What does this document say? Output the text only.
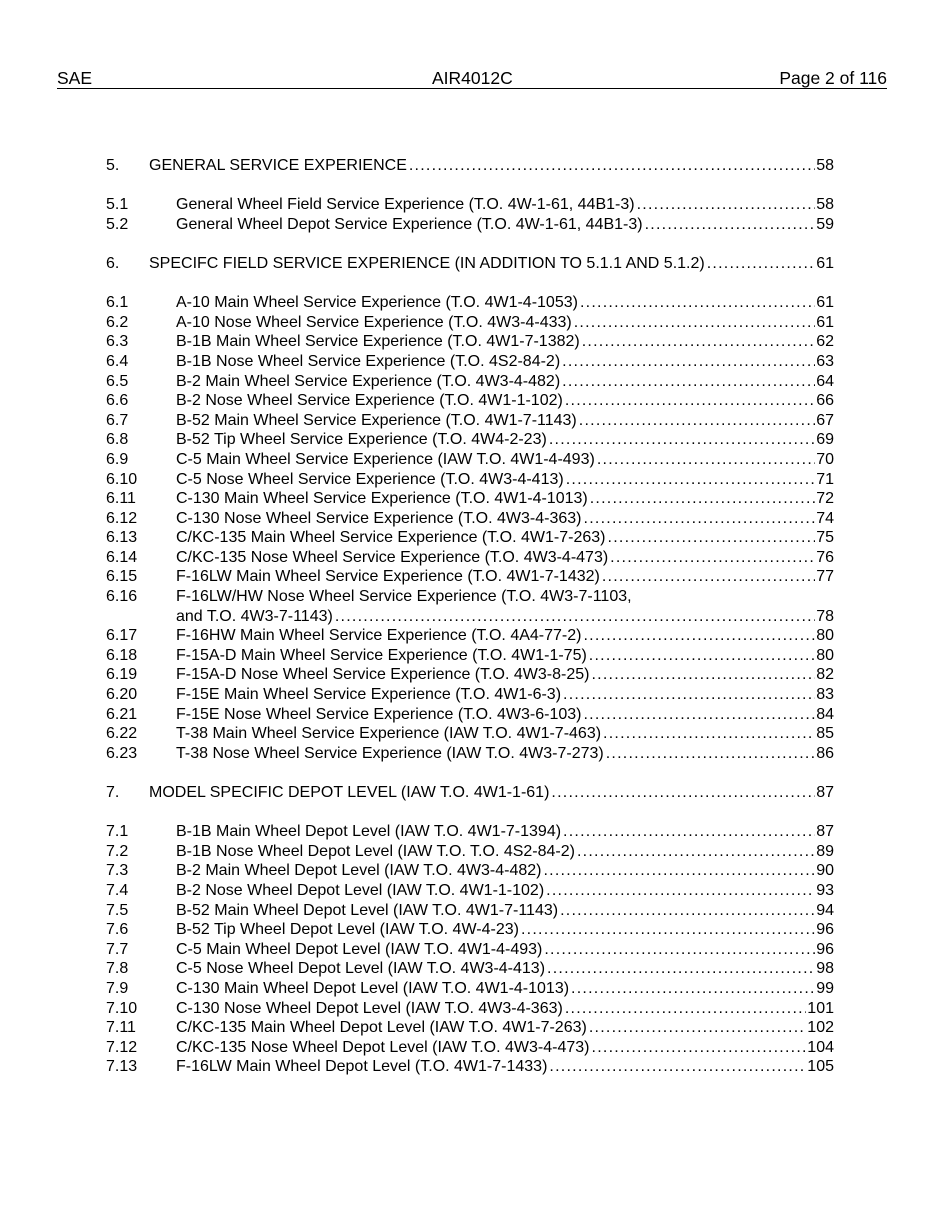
SAE	AIR4012C	Page 2 of 116
5. GENERAL SERVICE EXPERIENCE . . .	58
5.1	General Wheel Field Service Experience (T.O. 4W-1-61, 44B1-3) . . .	58
5.2	General Wheel Depot Service Experience (T.O. 4W-1-61, 44B1-3) . . .	59
6. SPECIFC FIELD SERVICE EXPERIENCE (IN ADDITION TO 5.1.1 AND 5.1.2) . . .	61
6.1	A-10 Main Wheel Service Experience (T.O. 4W1-4-1053) . . .	61
6.2	A-10 Nose Wheel Service Experience (T.O. 4W3-4-433) . . .	61
6.3	B-1B Main Wheel Service Experience (T.O. 4W1-7-1382) . . .	62
6.4	B-1B Nose Wheel Service Experience (T.O. 4S2-84-2) . . .	63
6.5	B-2 Main Wheel Service Experience (T.O. 4W3-4-482) . . .	64
6.6	B-2 Nose Wheel Service Experience (T.O. 4W1-1-102) . . .	66
6.7	B-52 Main Wheel Service Experience (T.O. 4W1-7-1143) . . .	67
6.8	B-52 Tip Wheel Service Experience (T.O. 4W4-2-23) . . .	69
6.9	C-5 Main Wheel Service Experience (IAW T.O. 4W1-4-493) . . .	70
6.10 C-5 Nose Wheel Service Experience (T.O. 4W3-4-413) . . .	71
6.11	C-130 Main Wheel Service Experience (T.O. 4W1-4-1013) . . .	72
6.12 C-130 Nose Wheel Service Experience (T.O. 4W3-4-363) . . .	74
6.13 C/KC-135 Main Wheel Service Experience (T.O. 4W1-7-263) . . .	75
6.14 C/KC-135 Nose Wheel Service Experience (T.O. 4W3-4-473) . . .	76
6.15 F-16LW Main Wheel Service Experience (T.O. 4W1-7-1432) . . .	77
6.16 F-16LW/HW Nose Wheel Service Experience (T.O. 4W3-7-1103,
and T.O. 4W3-7-1143) . . .	78
6.17 F-16HW Main Wheel Service Experience (T.O. 4A4-77-2) . . .	80
6.18 F-15A-D Main Wheel Service Experience (T.O. 4W1-1-75) . . .	80
6.19 F-15A-D Nose Wheel Service Experience (T.O. 4W3-8-25) . . .	82
6.20 F-15E Main Wheel Service Experience (T.O. 4W1-6-3) . . .	83
6.21 F-15E Nose Wheel Service Experience (T.O. 4W3-6-103) . . .	84
6.22 T-38 Main Wheel Service Experience (IAW T.O. 4W1-7-463) . . .	85
6.23 T-38 Nose Wheel Service Experience (IAW T.O. 4W3-7-273) . . .	86
7. MODEL SPECIFIC DEPOT LEVEL (IAW T.O. 4W1-1-61) . . .	87
7.1	B-1B Main Wheel Depot Level (IAW T.O. 4W1-7-1394) . . .	87
7.2	B-1B Nose Wheel Depot Level (IAW T.O. T.O. 4S2-84-2) . . .	89
7.3	B-2 Main Wheel Depot Level (IAW T.O. 4W3-4-482) . . .	90
7.4	B-2 Nose Wheel Depot Level (IAW T.O. 4W1-1-102) . . .	93
7.5	B-52 Main Wheel Depot Level (IAW T.O. 4W1-7-1143) . . .	94
7.6	B-52 Tip Wheel Depot Level (IAW T.O. 4W-4-23) . . .	96
7.7	C-5 Main Wheel Depot Level (IAW T.O. 4W1-4-493) . . .	96
7.8	C-5 Nose Wheel Depot Level (IAW T.O. 4W3-4-413) . . .	98
7.9	C-130 Main Wheel Depot Level (IAW T.O. 4W1-4-1013) . . .	99
7.10 C-130 Nose Wheel Depot Level (IAW T.O. 4W3-4-363) . . .	101
7.11	C/KC-135 Main Wheel Depot Level (IAW T.O. 4W1-7-263) . . .	102
7.12 C/KC-135 Nose Wheel Depot Level (IAW T.O. 4W3-4-473) . . .	104
7.13 F-16LW Main Wheel Depot Level (T.O. 4W1-7-1433) . . .	105
